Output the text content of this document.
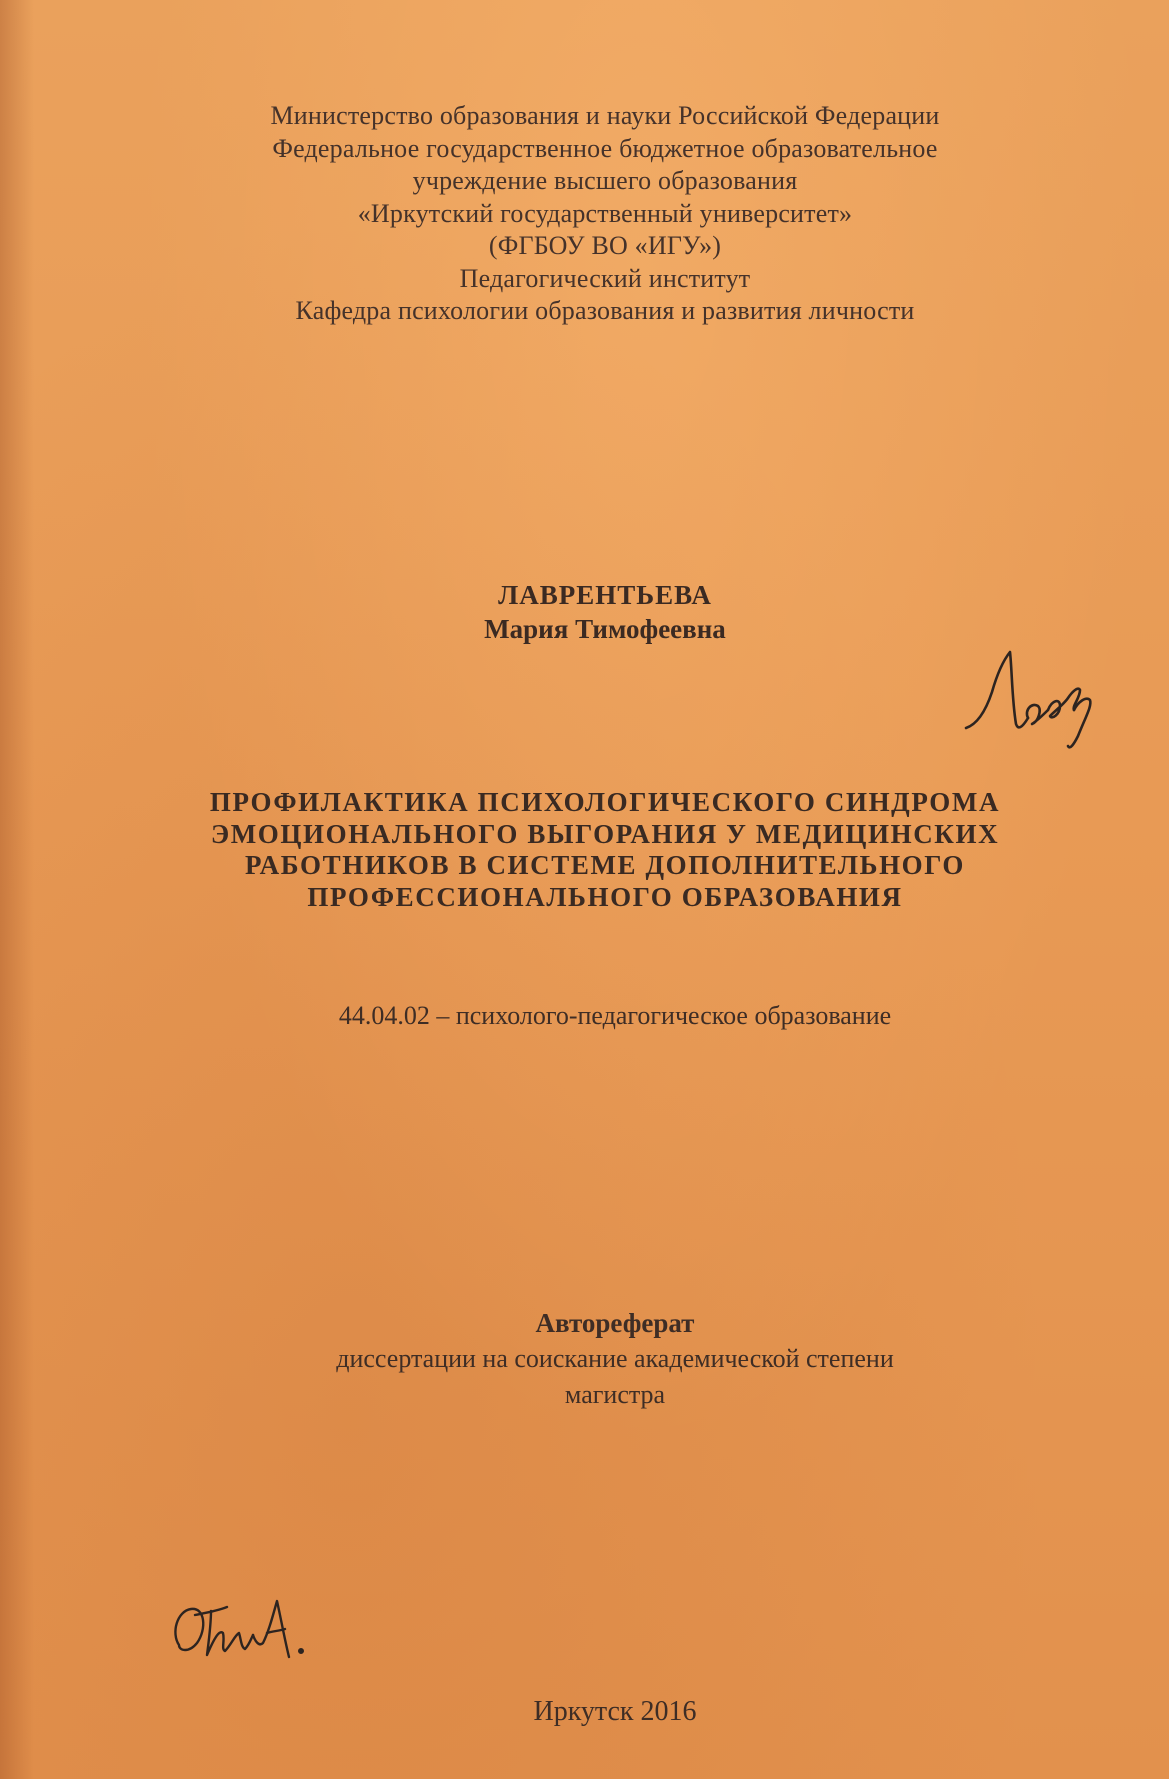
Министерство образования и науки Российской Федерации
Федеральное государственное бюджетное образовательное
учреждение высшего образования
«Иркутский государственный университет»
(ФГБОУ ВО «ИГУ»)
Педагогический институт
Кафедра психологии образования и развития личности
ЛАВРЕНТЬЕВА
Мария Тимофеевна
ПРОФИЛАКТИКА ПСИХОЛОГИЧЕСКОГО СИНДРОМА
ЭМОЦИОНАЛЬНОГО ВЫГОРАНИЯ У МЕДИЦИНСКИХ
РАБОТНИКОВ В СИСТЕМЕ ДОПОЛНИТЕЛЬНОГО
ПРОФЕССИОНАЛЬНОГО ОБРАЗОВАНИЯ
44.04.02 – психолого-педагогическое образование
Автореферат
диссертации на соискание академической степени
магистра
Иркутск 2016
